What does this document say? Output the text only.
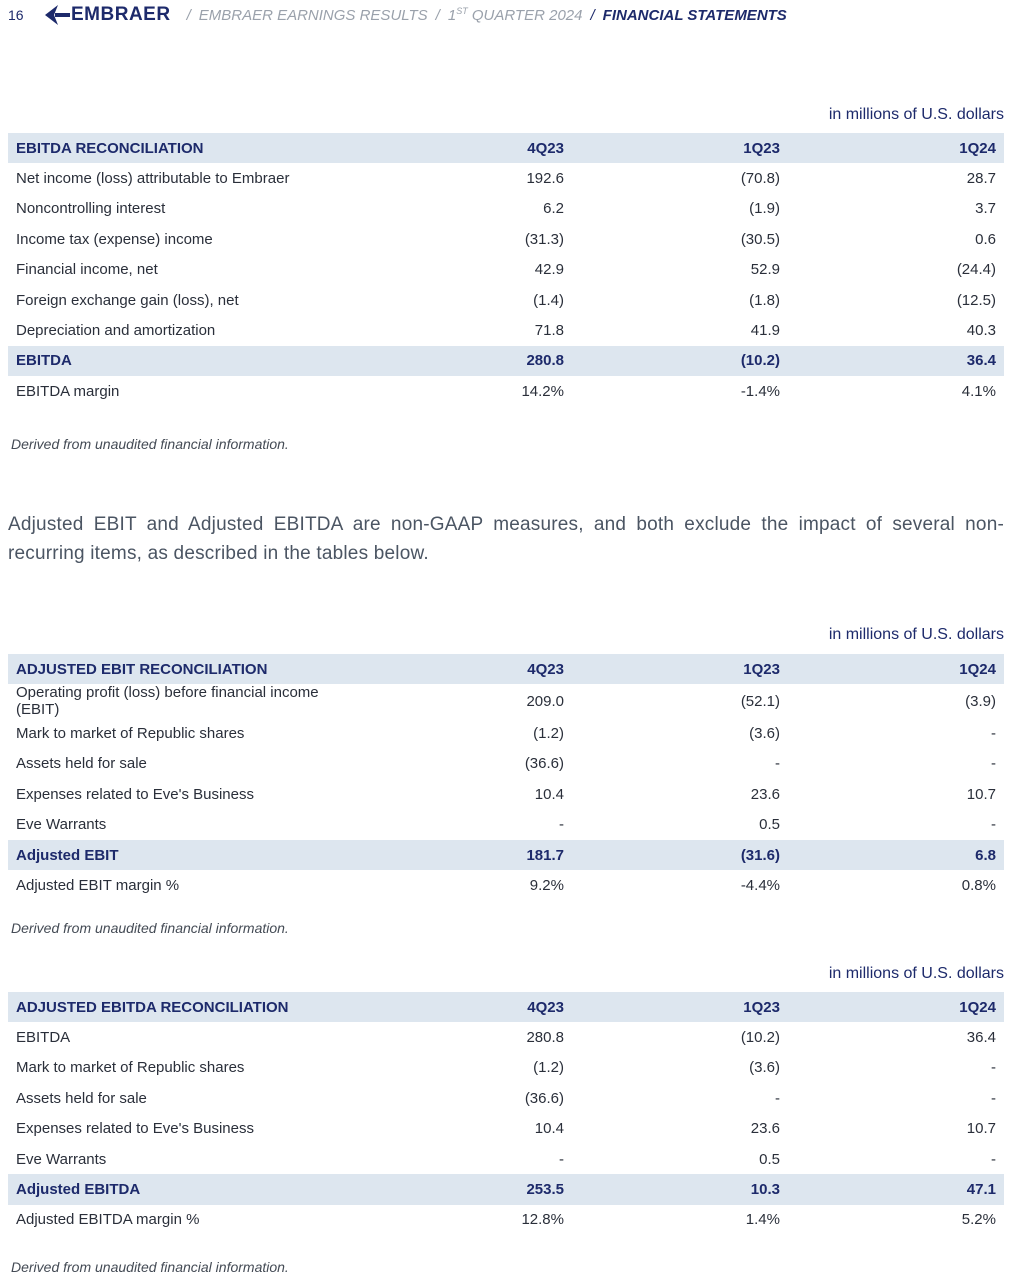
16	EMBRAER / EMBRAER EARNINGS RESULTS / 1ST QUARTER 2024 / FINANCIAL STATEMENTS
in millions of U.S. dollars
EBITDA RECONCILIATION	4Q23	1Q23	1Q24
Net income (loss) attributable to Embraer	192.6	(70.8)	28.7
Noncontrolling interest	6.2	(1.9)	3.7
Income tax (expense) income	(31.3)	(30.5)	0.6
Financial income, net	42.9	52.9	(24.4)
Foreign exchange gain (loss), net	(1.4)	(1.8)	(12.5)
Depreciation and amortization	71.8	41.9	40.3
EBITDA	280.8	(10.2)	36.4
EBITDA margin	14.2%	-1.4%	4.1%
Derived from unaudited financial information.
Adjusted EBIT and Adjusted EBITDA are non-GAAP measures, and both exclude the impact of several non-recurring items, as described in the tables below.
in millions of U.S. dollars
ADJUSTED EBIT RECONCILIATION	4Q23	1Q23	1Q24
Operating profit (loss) before financial income (EBIT)	209.0	(52.1)	(3.9)
Mark to market of Republic shares	(1.2)	(3.6)	-
Assets held for sale	(36.6)	-	-
Expenses related to Eve's Business	10.4	23.6	10.7
Eve Warrants	-	0.5	-
Adjusted EBIT	181.7	(31.6)	6.8
Adjusted EBIT margin %	9.2%	-4.4%	0.8%
Derived from unaudited financial information.
in millions of U.S. dollars
ADJUSTED EBITDA RECONCILIATION	4Q23	1Q23	1Q24
EBITDA	280.8	(10.2)	36.4
Mark to market of Republic shares	(1.2)	(3.6)	-
Assets held for sale	(36.6)	-	-
Expenses related to Eve's Business	10.4	23.6	10.7
Eve Warrants	-	0.5	-
Adjusted EBITDA	253.5	10.3	47.1
Adjusted EBITDA margin %	12.8%	1.4%	5.2%
Derived from unaudited financial information.
